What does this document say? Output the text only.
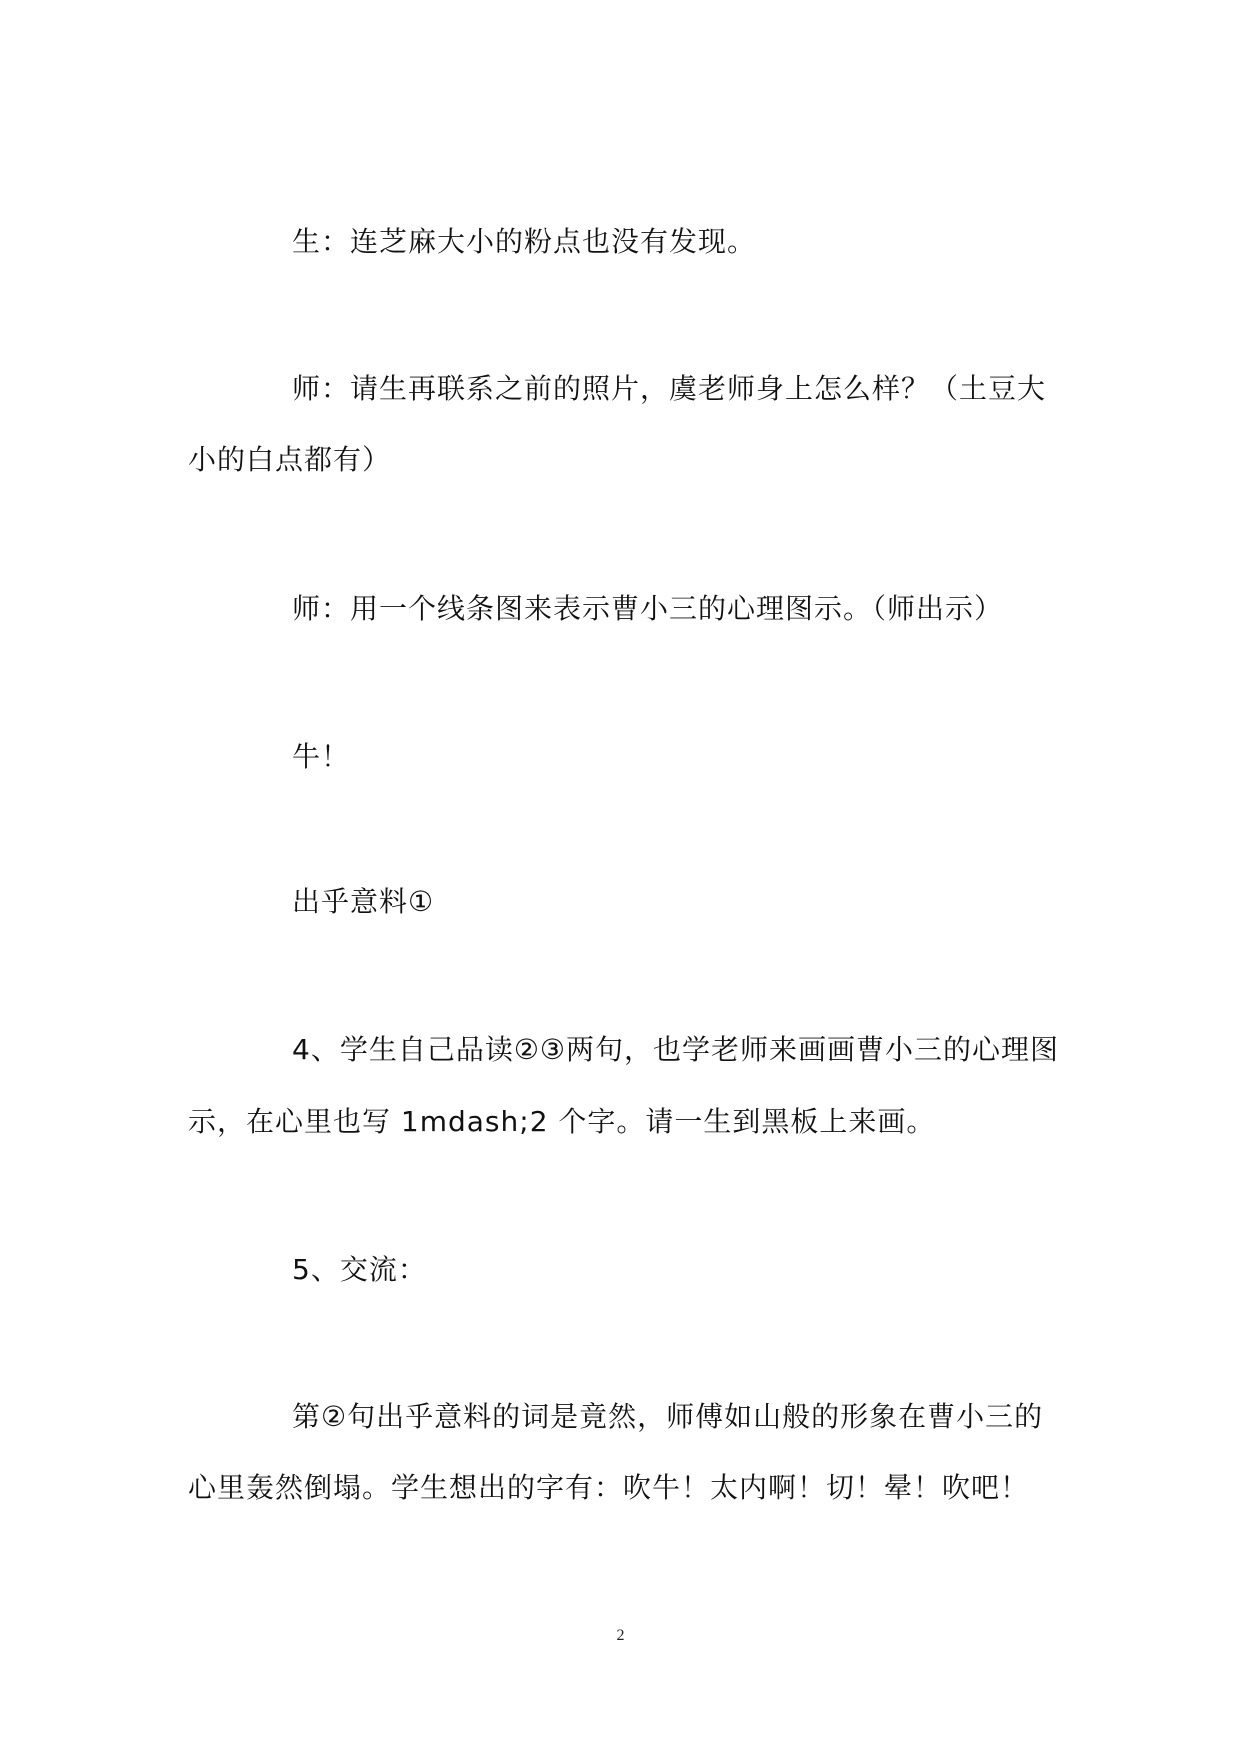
生：连芝麻大小的粉点也没有发现。
师：请生再联系之前的照片，虞老师身上怎么样？（土豆大
小的白点都有）
师：用一个线条图来表示曹小三的心理图示。（师出示）
牛！
出乎意料①
4、学生自己品读②③两句，也学老师来画画曹小三的心理图
示，在心里也写 1mdash;2 个字。请一生到黑板上来画。
5、交流：
第②句出乎意料的词是竟然，师傅如山般的形象在曹小三的
心里轰然倒塌。学生想出的字有：吹牛！太内啊！切！晕！吹吧！
2
